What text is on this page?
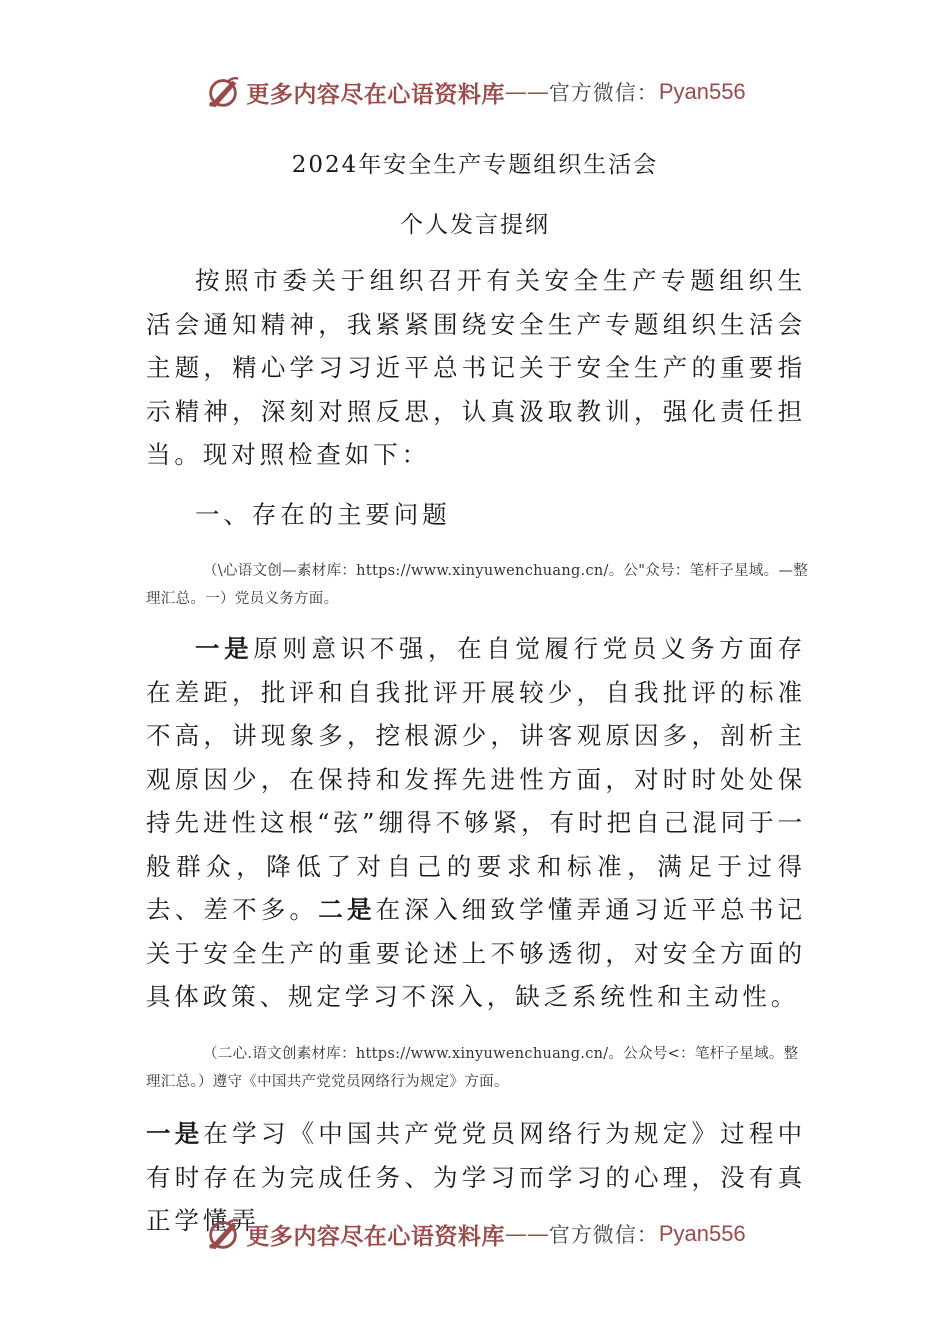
更多内容尽在心语资料库 —— 官方微信： Pyan556
2024年安全生产专题组织生活会
个人发言提纲

按照市委关于组织召开有关安全生产专题组织生活会通知精神，我紧紧围绕安全生产专题组织生活会主题，精心学习习近平总书记关于安全生产的重要指示精神，深刻对照反思，认真汲取教训，强化责任担当。现对照检查如下：

一、存在的主要问题

（\心语文创—素材库：https://www.xinyuwenchuang.cn/。公"众号：笔杆子星域。—整理汇总。一）党员义务方面。

一是原则意识不强，在自觉履行党员义务方面存在差距，批评和自我批评开展较少，自我批评的标准不高，讲现象多，挖根源少，讲客观原因多，剖析主观原因少，在保持和发挥先进性方面，对时时处处保持先进性这根“弦”绷得不够紧，有时把自己混同于一般群众，降低了对自己的要求和标准，满足于过得去、差不多。二是在深入细致学懂弄通习近平总书记关于安全生产的重要论述上不够透彻，对安全方面的具体政策、规定学习不深入，缺乏系统性和主动性。

（二心.语文创素材库：https://www.xinyuwenchuang.cn/。公众号<：笔杆子星域。整理汇总。）遵守《中国共产党党员网络行为规定》方面。

一是在学习《中国共产党党员网络行为规定》过程中有时存在为完成任务、为学习而学习的心理，没有真正学懂弄

更多内容尽在心语资料库 —— 官方微信： Pyan556
